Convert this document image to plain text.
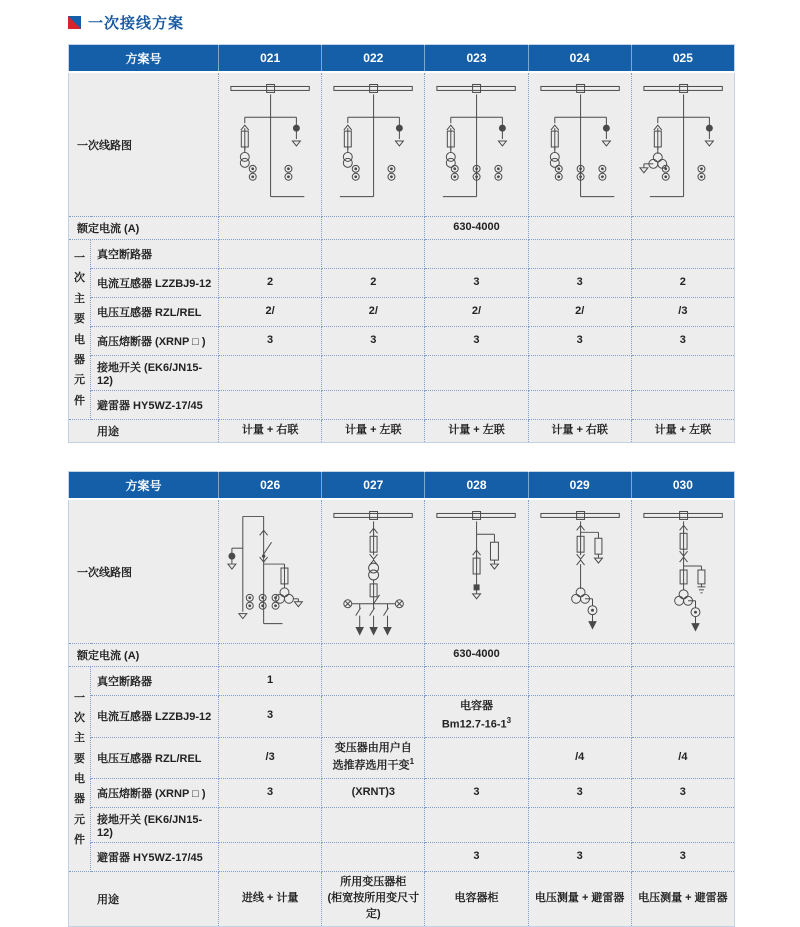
一次接线方案
方案号		021	022	023	024	025
一次线路图	

额定电流 (A)				630-4000		
一次主要电器元件	真空断路器					
	电流互感器 LZZBJ9-12	2	2	3	3	2
	电压互感器 RZL/REL	2/	2/	2/	2/	/3
	高压熔断器 (XRNP □ )	3	3	3	3	3
	接地开关 (EK6/JN15-12)					
	避雷器 HY5WZ-17/45					
用途		计量 + 右联	计量 + 左联	计量 + 左联	计量 + 右联	计量 + 左联
方案号		026	027	028	029	030
一次线路图	

额定电流 (A)				630-4000		
一次主要电器元件	真空断路器	1				
	电流互感器 LZZBJ9-12	3		电容器
$Bm12.7-16-1^3$		
	电压互感器 RZL/REL	/3	变压器由用户自
选推荐选用干变$^1$		/4	/4
	高压熔断器 (XRNP □ )	3	(XRNT)3	3	3	3
	接地开关 (EK6/JN15-12)					
	避雷器 HY5WZ-17/45			3	3	3
用途		进线 + 计量	所用变压器柜
(柜宽按所用变尺寸定)	电容器柜	电压测量 + 避雷器	电压测量 + 避雷器
